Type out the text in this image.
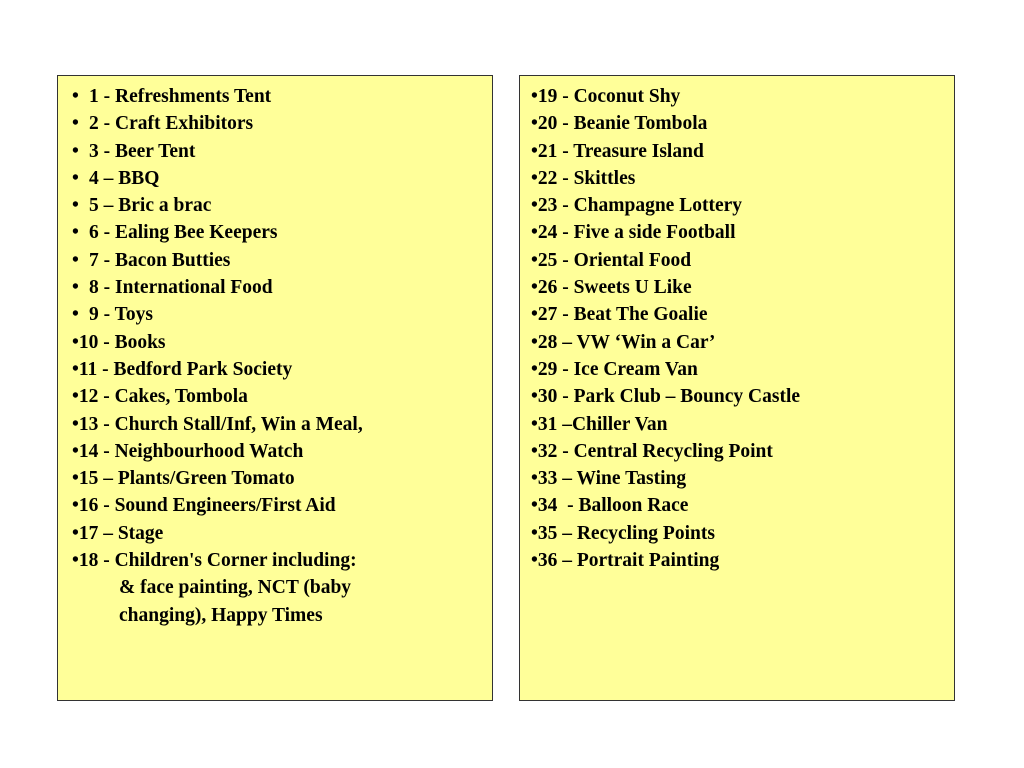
• 1 - Refreshments Tent
• 2 - Craft Exhibitors
• 3 - Beer Tent
• 4 – BBQ
• 5 – Bric a brac
• 6 - Ealing Bee Keepers
• 7 - Bacon Butties
• 8 - International Food
• 9 - Toys
•10 - Books
•11 - Bedford Park Society
•12 - Cakes, Tombola
•13 - Church Stall/Inf, Win a Meal,
•14 - Neighbourhood Watch
•15 – Plants/Green Tomato
•16 - Sound Engineers/First Aid
•17 – Stage
•18 - Children's Corner including:
& face painting, NCT (baby
changing), Happy Times
•19 - Coconut Shy
•20 - Beanie Tombola
•21 - Treasure Island
•22 - Skittles
•23 - Champagne Lottery
•24 - Five a side Football
•25 - Oriental Food
•26 - Sweets U Like
•27 - Beat The Goalie
•28 – VW ‘Win a Car’
•29 - Ice Cream Van
•30 - Park Club – Bouncy Castle
•31 –Chiller Van
•32 - Central Recycling Point
•33 – Wine Tasting
•34  - Balloon Race
•35 – Recycling Points
•36 – Portrait Painting
